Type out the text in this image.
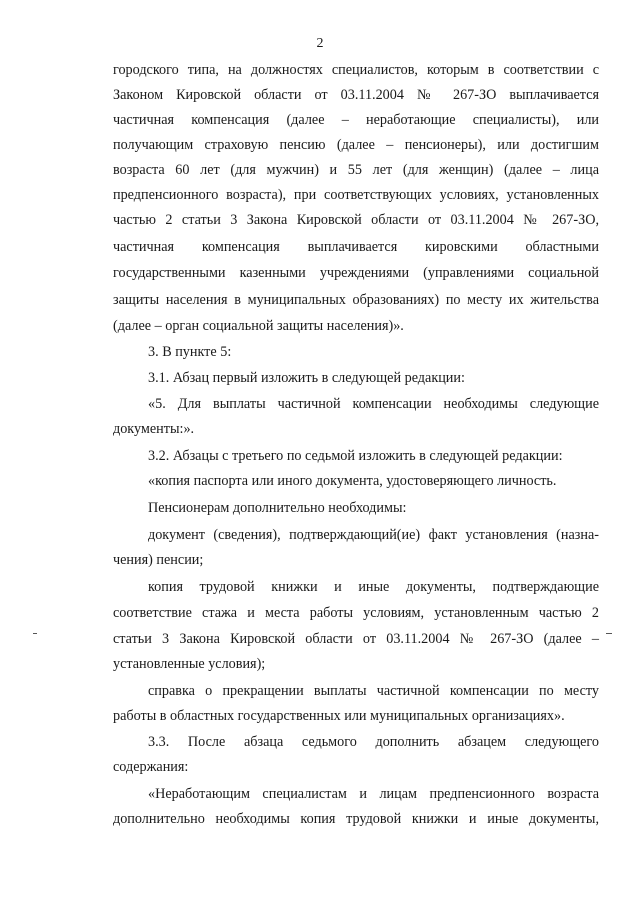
2
городского типа, на должностях специалистов, которым в соответствии с
Законом Кировской области от 03.11.2004 № 267-ЗО выплачивается
частичная компенсация (далее – неработающие специалисты), или
получающим страховую пенсию (далее – пенсионеры), или достигшим
возраста 60 лет (для мужчин) и 55 лет (для женщин) (далее – лица
предпенсионного возраста), при соответствующих условиях, установленных
частью 2 статьи 3 Закона Кировской области от 03.11.2004 № 267-ЗО,
частичная компенсация выплачивается кировскими областными
государственными казенными учреждениями (управлениями социальной
защиты населения в муниципальных образованиях) по месту их жительства
(далее – орган социальной защиты населения)».
3. В пункте 5:
3.1. Абзац первый изложить в следующей редакции:
«5. Для выплаты частичной компенсации необходимы следующие
документы:».
3.2. Абзацы с третьего по седьмой изложить в следующей редакции:
«копия паспорта или иного документа, удостоверяющего личность.
Пенсионерам дополнительно необходимы:
документ (сведения), подтверждающий(ие) факт установления (назна-
чения) пенсии;
копия трудовой книжки и иные документы, подтверждающие
соответствие стажа и места работы условиям, установленным частью 2
статьи 3 Закона Кировской области от 03.11.2004 № 267-ЗО (далее –
установленные условия);
справка о прекращении выплаты частичной компенсации по месту
работы в областных государственных или муниципальных организациях».
3.3. После абзаца седьмого дополнить абзацем следующего
содержания:
«Неработающим специалистам и лицам предпенсионного возраста
дополнительно необходимы копия трудовой книжки и иные документы,
